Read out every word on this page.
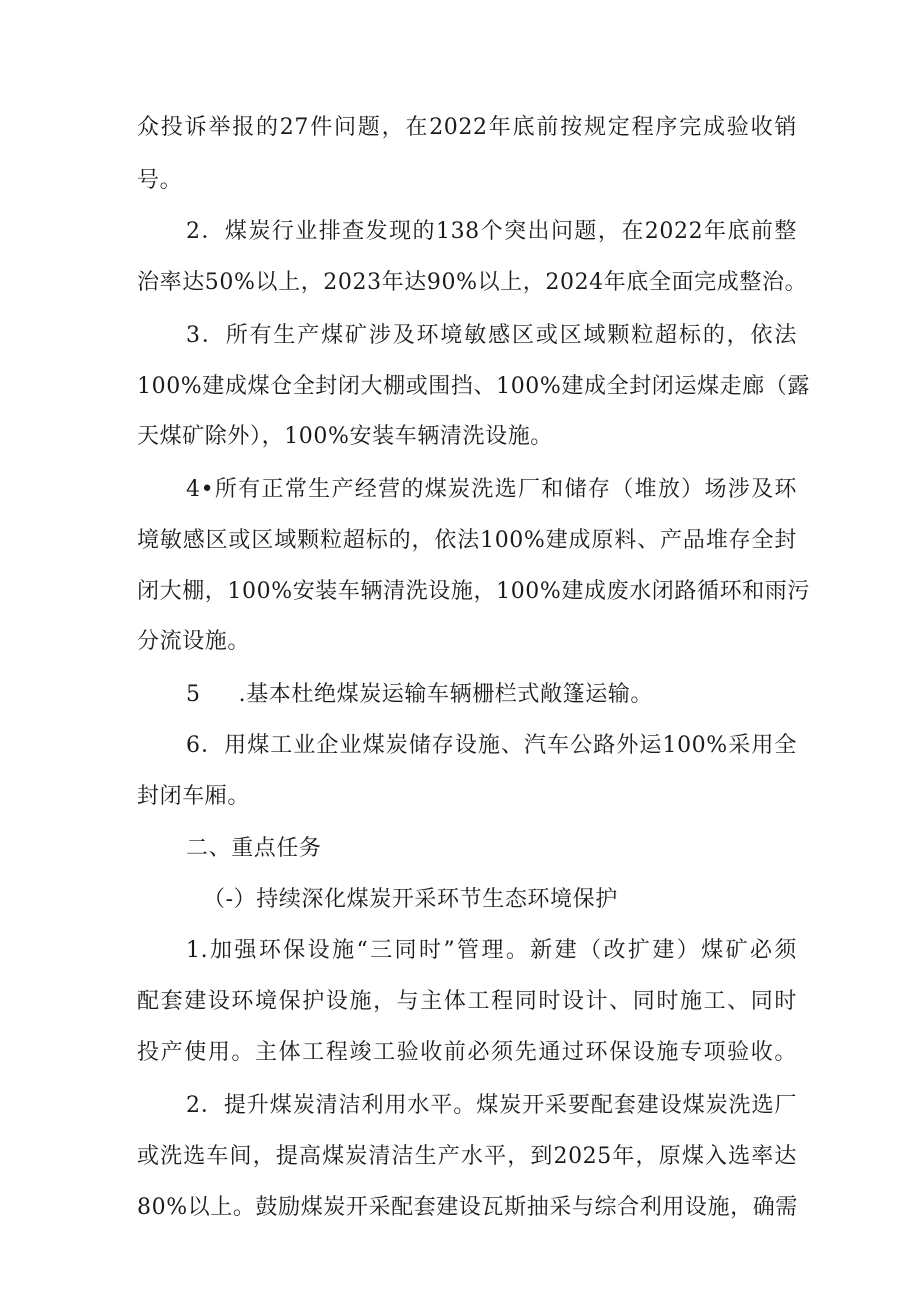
众投诉举报的27件问题，在2022年底前按规定程序完成验收销
号。
2．煤炭行业排查发现的138个突出问题，在2022年底前整
治率达50%以上，2023年达90%以上，2024年底全面完成整治。
3．所有生产煤矿涉及环境敏感区或区域颗粒超标的，依法
100%建成煤仓全封闭大棚或围挡、100%建成全封闭运煤走廊（露
天煤矿除外），100%安装车辆清洗设施。
4•所有正常生产经营的煤炭洗选厂和储存（堆放）场涉及环
境敏感区或区域颗粒超标的，依法100%建成原料、产品堆存全封
闭大棚，100%安装车辆清洗设施，100%建成废水闭路循环和雨污
分流设施。
5 .基本杜绝煤炭运输车辆栅栏式敞篷运输。
6．用煤工业企业煤炭储存设施、汽车公路外运100%采用全
封闭车厢。
二、重点任务
（-）持续深化煤炭开采环节生态环境保护
1.加强环保设施“三同时”管理。新建（改扩建）煤矿必须
配套建设环境保护设施，与主体工程同时设计、同时施工、同时
投产使用。主体工程竣工验收前必须先通过环保设施专项验收。
2．提升煤炭清洁利用水平。煤炭开采要配套建设煤炭洗选厂
或洗选车间，提高煤炭清洁生产水平，到2025年，原煤入选率达
80%以上。鼓励煤炭开采配套建设瓦斯抽采与综合利用设施，确需
